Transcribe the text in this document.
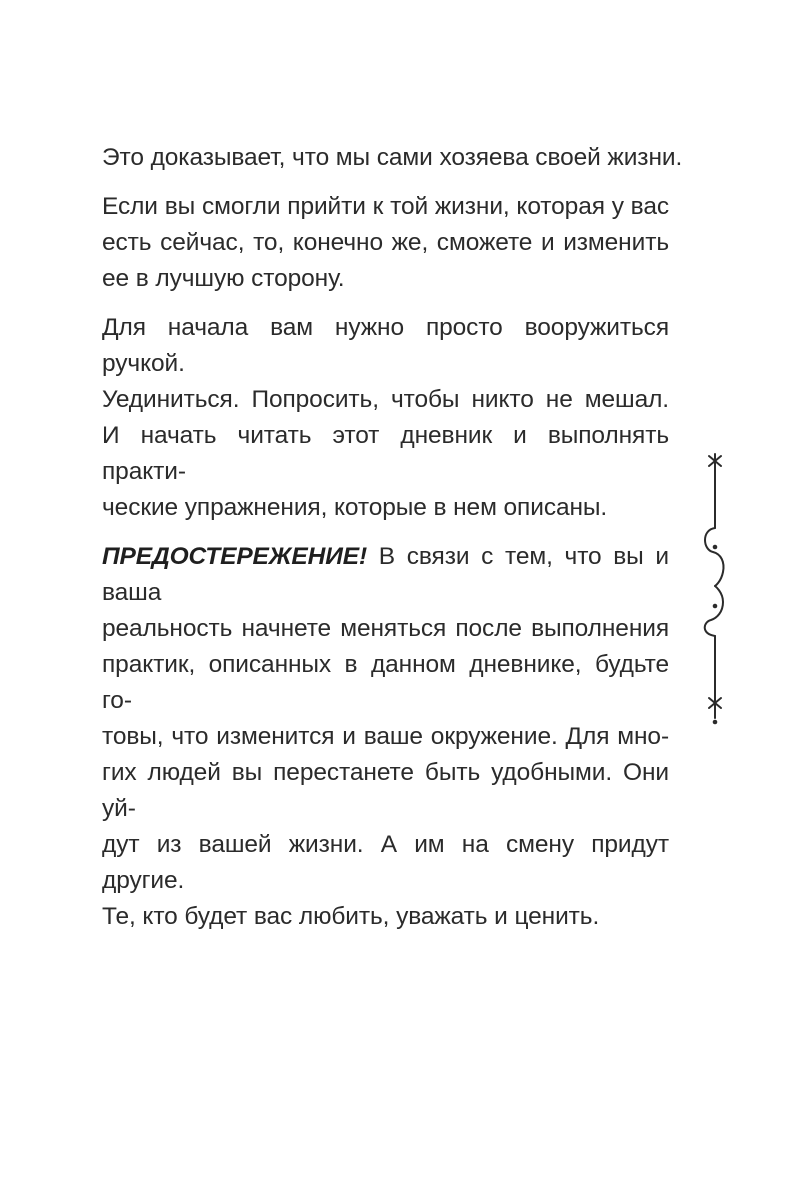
Это доказывает, что мы сами хозяева своей жизни.
Если вы смогли прийти к той жизни, которая у вас
есть сейчас, то, конечно же, сможете и изменить
ее в лучшую сторону.
Для начала вам нужно просто вооружиться ручкой.
Уединиться. Попросить, чтобы никто не мешал.
И начать читать этот дневник и выполнять практи-
ческие упражнения, которые в нем описаны.
ПРЕДОСТЕРЕЖЕНИЕ! В связи с тем, что вы и ваша
реальность начнете меняться после выполнения
практик, описанных в данном дневнике, будьте го-
товы, что изменится и ваше окружение. Для мно-
гих людей вы перестанете быть удобными. Они уй-
дут из вашей жизни. А им на смену придут другие.
Те, кто будет вас любить, уважать и ценить.
